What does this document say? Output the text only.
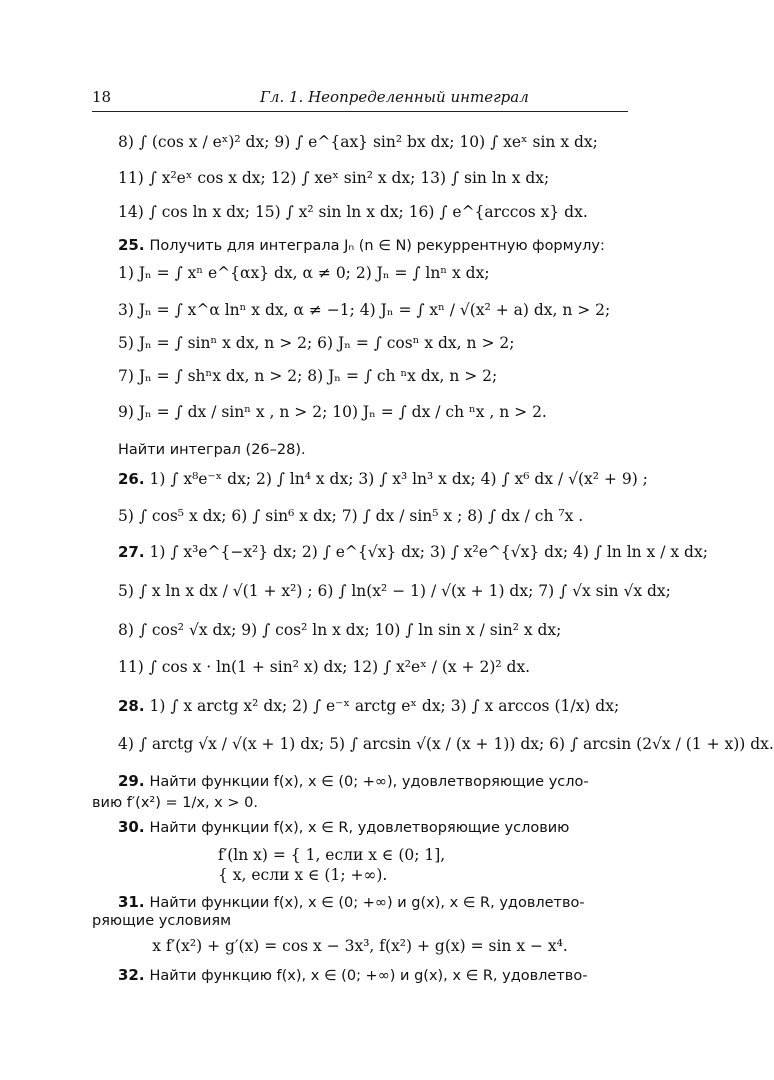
18	Гл. 1. Неопределенный интеграл
8) ∫ (cos x / eˣ)² dx; 9) ∫ e^{ax} sin² bx dx; 10) ∫ xeˣ sin x dx;
11) ∫ x²eˣ cos x dx; 12) ∫ xeˣ sin² x dx; 13) ∫ sin ln x dx;
14) ∫ cos ln x dx; 15) ∫ x² sin ln x dx; 16) ∫ e^{arccos x} dx.
25. Получить для интеграла Jₙ (n ∈ N) рекуррентную формулу:
1) Jₙ = ∫ xⁿ e^{αx} dx, α ≠ 0; 2) Jₙ = ∫ lnⁿ x dx;
3) Jₙ = ∫ x^α lnⁿ x dx, α ≠ −1; 4) Jₙ = ∫ xⁿ / √(x² + a) dx, n > 2;
5) Jₙ = ∫ sinⁿ x dx, n > 2; 6) Jₙ = ∫ cosⁿ x dx, n > 2;
7) Jₙ = ∫ shⁿx dx, n > 2; 8) Jₙ = ∫ ch ⁿx dx, n > 2;
9) Jₙ = ∫ dx / sinⁿ x , n > 2; 10) Jₙ = ∫ dx / ch ⁿx , n > 2.
Найти интеграл (26–28).
26. 1) ∫ x⁸e⁻ˣ dx; 2) ∫ ln⁴ x dx; 3) ∫ x³ ln³ x dx; 4) ∫ x⁶ dx / √(x² + 9) ;
5) ∫ cos⁵ x dx; 6) ∫ sin⁶ x dx; 7) ∫ dx / sin⁵ x ; 8) ∫ dx / ch ⁷x .
27. 1) ∫ x³e^{−x²} dx; 2) ∫ e^{√x} dx; 3) ∫ x²e^{√x} dx; 4) ∫ ln ln x / x dx;
5) ∫ x ln x dx / √(1 + x²) ; 6) ∫ ln(x² − 1) / √(x + 1) dx; 7) ∫ √x sin √x dx;
8) ∫ cos² √x dx; 9) ∫ cos² ln x dx; 10) ∫ ln sin x / sin² x dx;
11) ∫ cos x · ln(1 + sin² x) dx; 12) ∫ x²eˣ / (x + 2)² dx.
28. 1) ∫ x arctg x² dx; 2) ∫ e⁻ˣ arctg eˣ dx; 3) ∫ x arccos (1/x) dx;
4) ∫ arctg √x / √(x + 1) dx; 5) ∫ arcsin √(x / (x + 1)) dx; 6) ∫ arcsin (2√x / (1 + x)) dx.
29. Найти функции f(x), x ∈ (0; +∞), удовлетворяющие усло-
вию f′(x²) = 1/x, x > 0.
30. Найти функции f(x), x ∈ R, удовлетворяющие условию
f′(ln x) = { 1, если x ∈ (0; 1],
{ x, если x ∈ (1; +∞).
31. Найти функции f(x), x ∈ (0; +∞) и g(x), x ∈ R, удовлетво-
ряющие условиям
x f′(x²) + g′(x) = cos x − 3x³, f(x²) + g(x) = sin x − x⁴.
32. Найти функцию f(x), x ∈ (0; +∞) и g(x), x ∈ R, удовлетво-
